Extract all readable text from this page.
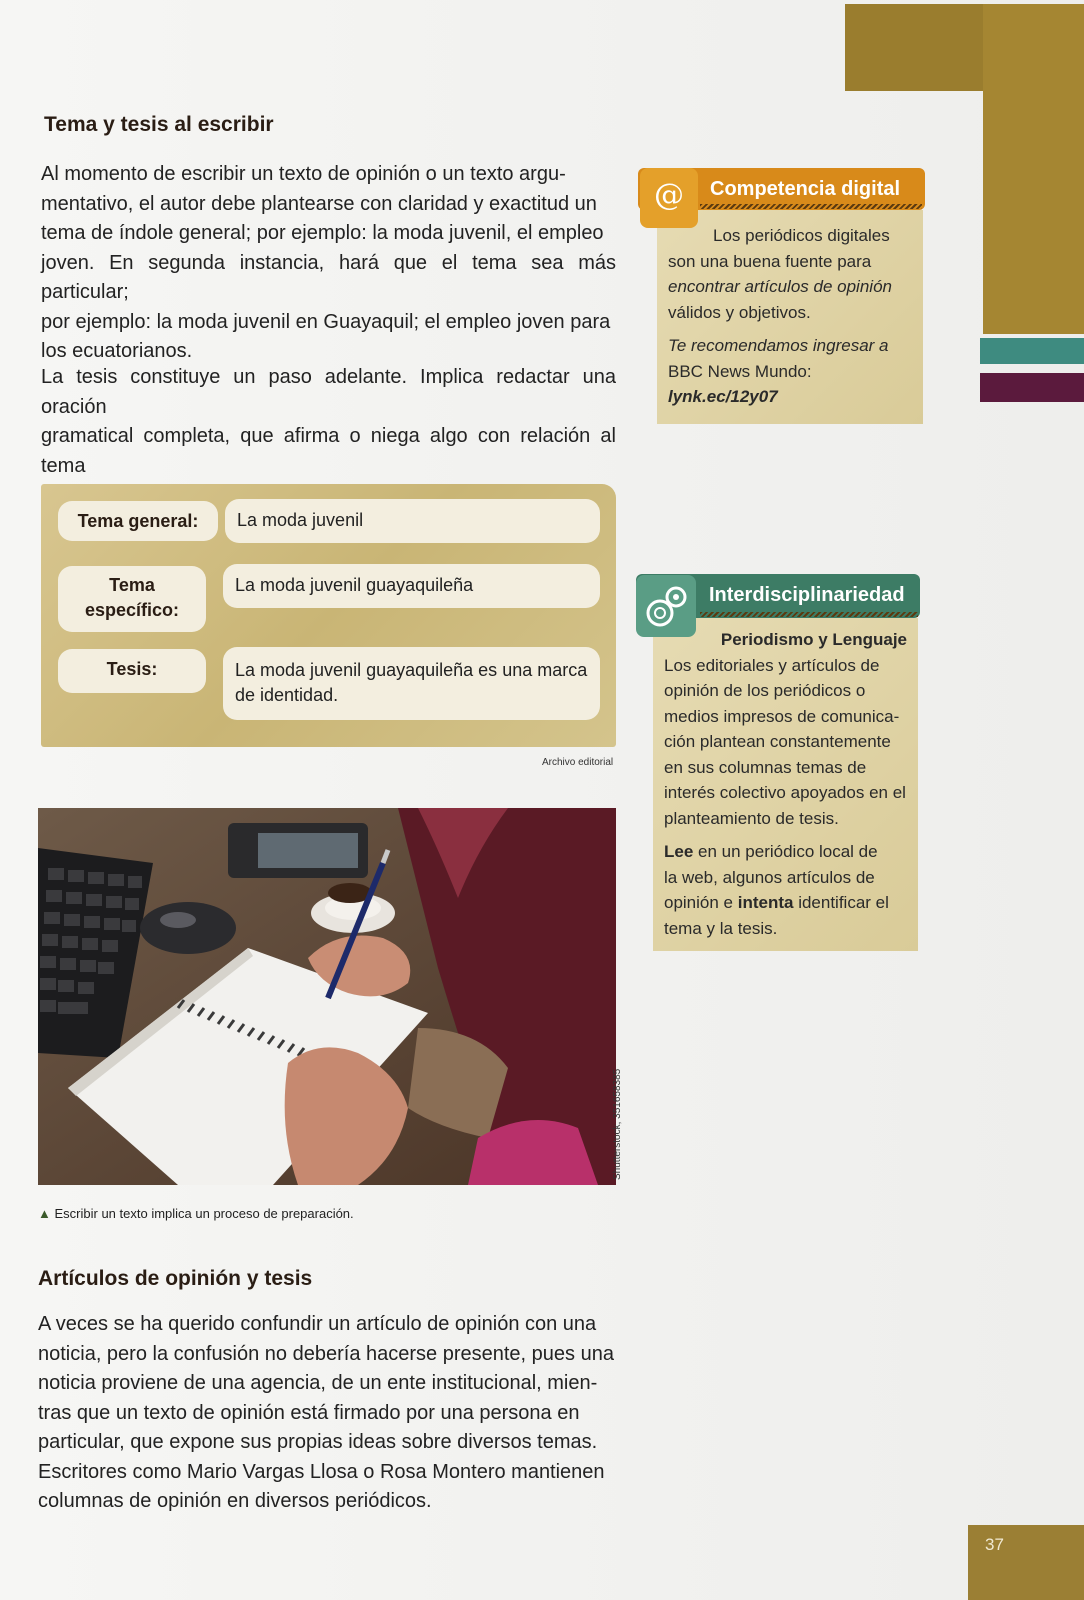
Tema y tesis al escribir
Al momento de escribir un texto de opinión o un texto argu-
mentativo, el autor debe plantearse con claridad y exactitud un
tema de índole general; por ejemplo: la moda juvenil, el empleo
joven. En segunda instancia, hará que el tema sea más particular;
por ejemplo: la moda juvenil en Guayaquil; el empleo joven para
los ecuatorianos.
La tesis constituye un paso adelante. Implica redactar una oración
gramatical completa, que afirma o niega algo con relación al tema
Tema general:	La moda juvenil
Tema
específico:
La moda juvenil guayaquileña
Tesis:	La moda juvenil guayaquileña es una marca
de identidad.
Archivo editorial
Shutterstock, 351658385
▲ Escribir un texto implica un proceso de preparación.
Artículos de opinión y tesis
A veces se ha querido confundir un artículo de opinión con una
noticia, pero la confusión no debería hacerse presente, pues una
noticia proviene de una agencia, de un ente institucional, mien-
tras que un texto de opinión está firmado por una persona en
particular, que expone sus propias ideas sobre diversos temas.
Escritores como Mario Vargas Llosa o Rosa Montero mantienen
columnas de opinión en diversos periódicos.
@	Competencia digital
Los periódicos digitales
son una buena fuente para
encontrar artículos de opinión
válidos y objetivos.
Te recomendamos ingresar a
BBC News Mundo:
lynk.ec/12y07
Interdisciplinariedad
Periodismo y Lenguaje
Los editoriales y artículos de
opinión de los periódicos o
medios impresos de comunica-
ción plantean constantemente
en sus columnas temas de
interés colectivo apoyados en el
planteamiento de tesis.
Lee en un periódico local de
la web, algunos artículos de
opinión e intenta identificar el
tema y la tesis.
37
